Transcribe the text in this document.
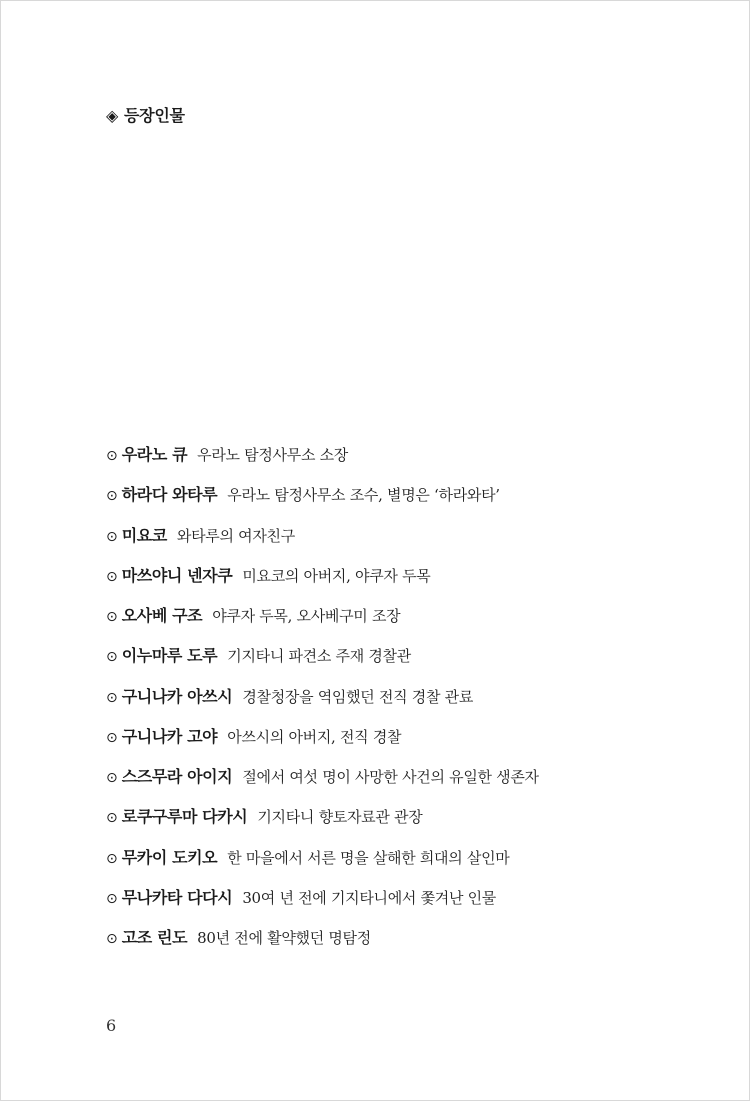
◈ 등장인물
⊙ 우라노 큐 우라노 탐정사무소 소장
⊙ 하라다 와타루 우라노 탐정사무소 조수, 별명은 ‘하라와타’
⊙ 미요코 와타루의 여자친구
⊙ 마쓰야니 넨자쿠 미요코의 아버지, 야쿠자 두목
⊙ 오사베 구조 야쿠자 두목, 오사베구미 조장
⊙ 이누마루 도루 기지타니 파견소 주재 경찰관
⊙ 구니나카 아쓰시 경찰청장을 역임했던 전직 경찰 관료
⊙ 구니나카 고야 아쓰시의 아버지, 전직 경찰
⊙ 스즈무라 아이지 절에서 여섯 명이 사망한 사건의 유일한 생존자
⊙ 로쿠구루마 다카시 기지타니 향토자료관 관장
⊙ 무카이 도키오 한 마을에서 서른 명을 살해한 희대의 살인마
⊙ 무나카타 다다시 30여 년 전에 기지타니에서 쫓겨난 인물
⊙ 고조 린도 80년 전에 활약했던 명탐정
6
